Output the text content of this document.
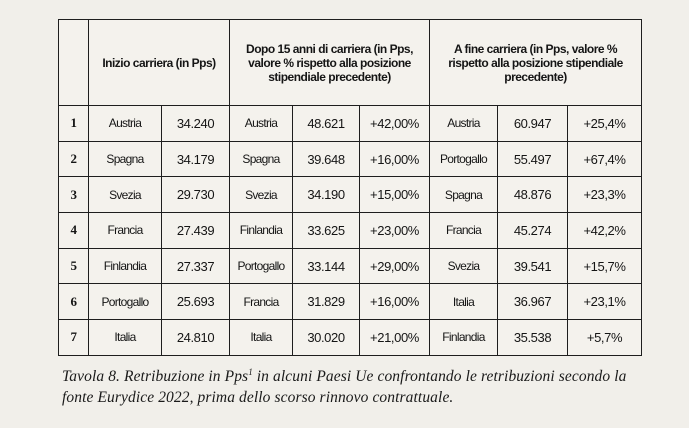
	Inizio carriera (in Pps)		Dopo 15 anni di carriera (in Pps, valore % rispetto alla posizione stipendiale precedente)			A fine carriera (in Pps, valore % rispetto alla posizione stipendiale precedente)		
1	Austria	34.240	Austria	48.621	+42,00%	Austria	60.947	+25,4%
2	Spagna	34.179	Spagna	39.648	+16,00%	Portogallo	55.497	+67,4%
3	Svezia	29.730	Svezia	34.190	+15,00%	Spagna	48.876	+23,3%
4	Francia	27.439	Finlandia	33.625	+23,00%	Francia	45.274	+42,2%
5	Finlandia	27.337	Portogallo	33.144	+29,00%	Svezia	39.541	+15,7%
6	Portogallo	25.693	Francia	31.829	+16,00%	Italia	36.967	+23,1%
7	Italia	24.810	Italia	30.020	+21,00%	Finlandia	35.538	+5,7%
Tavola 8. Retribuzione in Pps$^1$ in alcuni Paesi Ue confrontando le retribuzioni secondo la fonte Eurydice 2022, prima dello scorso rinnovo contrattuale.
